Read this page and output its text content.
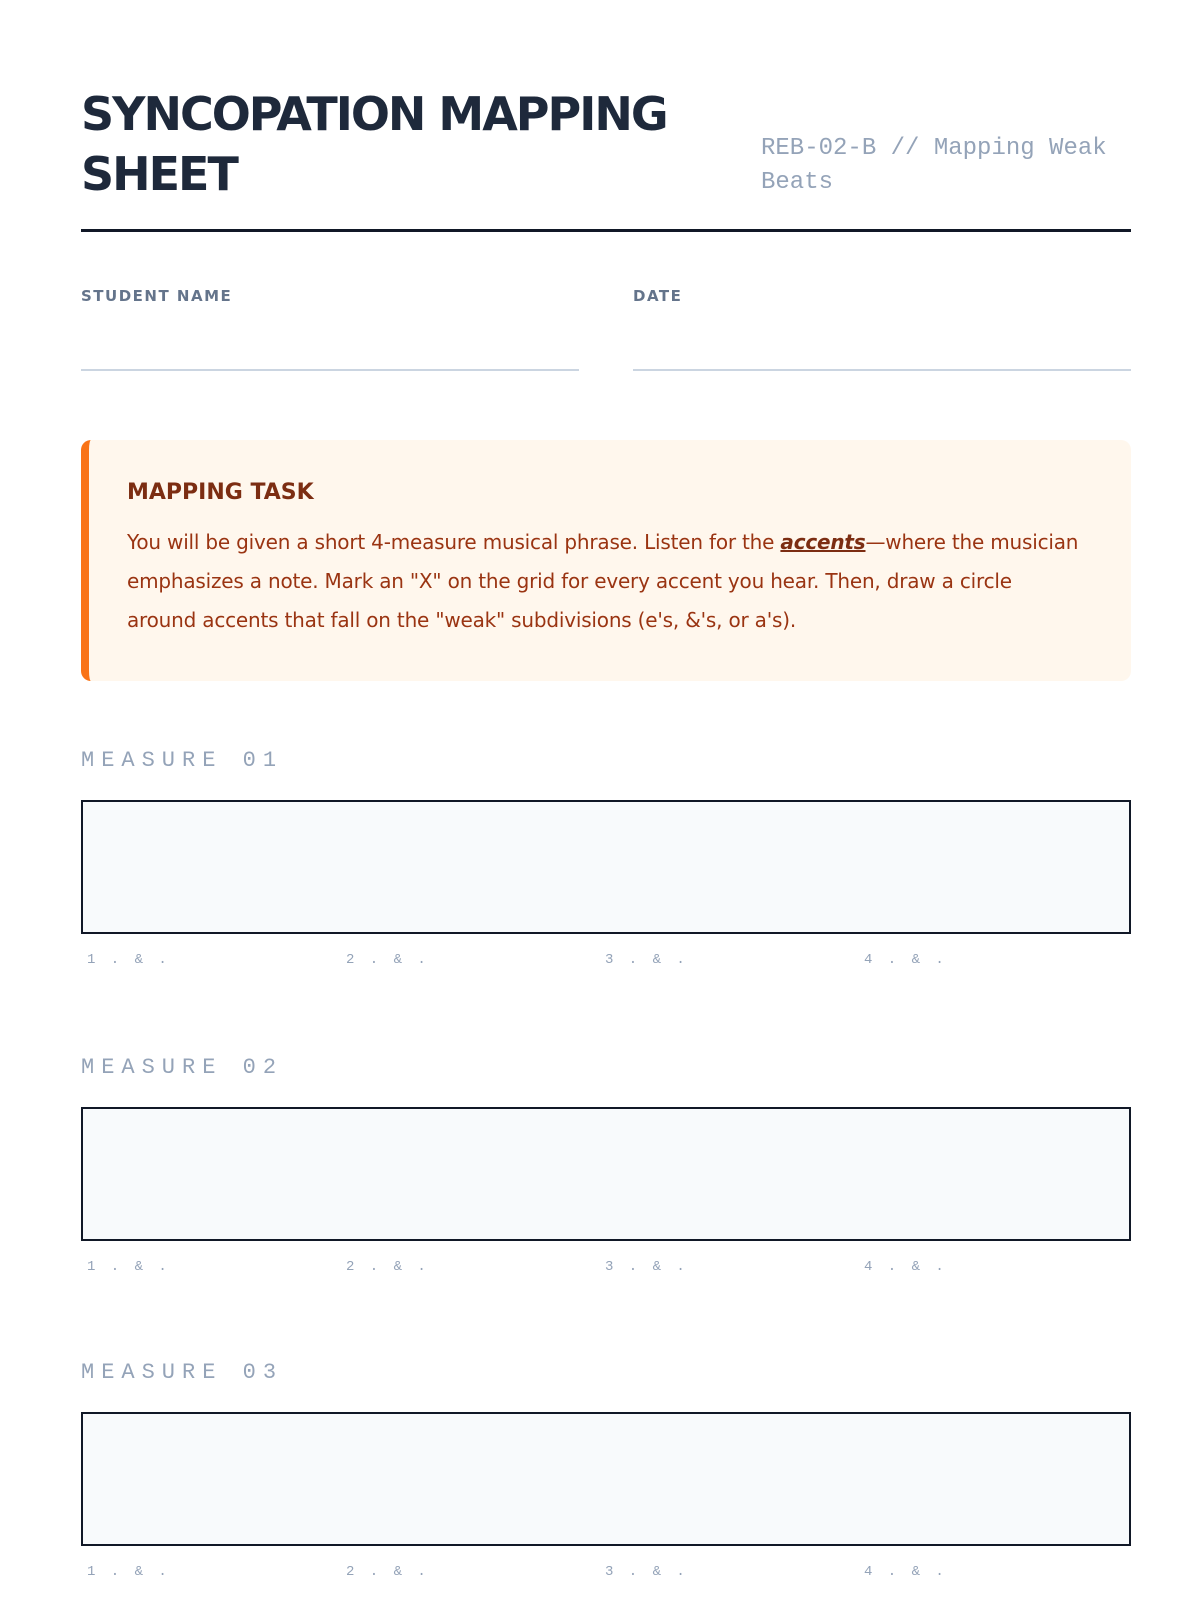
SYNCOPATION MAPPING SHEET	REB-02-B // Mapping Weak Beats
STUDENT NAME	DATE
MAPPING TASK

You will be given a short 4-measure musical phrase. Listen for the accents—where the musician emphasizes a note. Mark an "X" on the grid for every accent you hear. Then, draw a circle around accents that fall on the "weak" subdivisions (e's, &'s, or a's).

MEASURE 01
1 . & .	2 . & .	3 . & .	4 . & .
MEASURE 02
1 . & .	2 . & .	3 . & .	4 . & .
MEASURE 03
1 . & .	2 . & .	3 . & .	4 . & .
